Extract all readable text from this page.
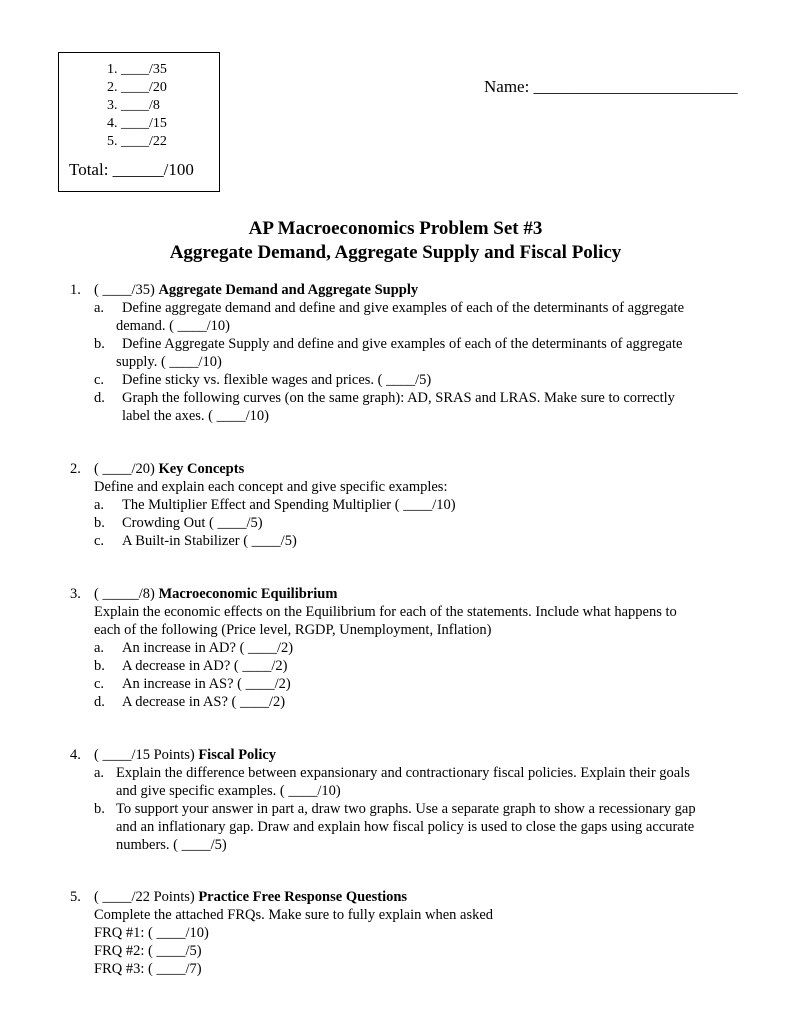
1. ____/35
2. ____/20
3. ____/8
4. ____/15
5. ____/22
Total: ______/100
Name: ________________________
AP Macroeconomics Problem Set #3
Aggregate Demand, Aggregate Supply and Fiscal Policy
1. ( ____/35) Aggregate Demand and Aggregate Supply
a. Define aggregate demand and define and give examples of each of the determinants of aggregate
demand. ( ____/10)
b. Define Aggregate Supply and define and give examples of each of the determinants of aggregate
supply. ( ____/10)
c. Define sticky vs. flexible wages and prices. ( ____/5)
d. Graph the following curves (on the same graph): AD, SRAS and LRAS. Make sure to correctly
label the axes. ( ____/10)
2. ( ____/20) Key Concepts
Define and explain each concept and give specific examples:
a. The Multiplier Effect and Spending Multiplier ( ____/10)
b. Crowding Out ( ____/5)
c. A Built-in Stabilizer ( ____/5)
3. ( _____/8) Macroeconomic Equilibrium
Explain the economic effects on the Equilibrium for each of the statements. Include what happens to
each of the following (Price level, RGDP, Unemployment, Inflation)
a. An increase in AD? ( ____/2)
b. A decrease in AD? ( ____/2)
c. An increase in AS? ( ____/2)
d. A decrease in AS? ( ____/2)
4. ( ____/15 Points) Fiscal Policy
a. Explain the difference between expansionary and contractionary fiscal policies. Explain their goals
and give specific examples. ( ____/10)
b. To support your answer in part a, draw two graphs. Use a separate graph to show a recessionary gap
and an inflationary gap. Draw and explain how fiscal policy is used to close the gaps using accurate
numbers. ( ____/5)
5. ( ____/22 Points) Practice Free Response Questions
Complete the attached FRQs. Make sure to fully explain when asked
FRQ #1: ( ____/10)
FRQ #2: ( ____/5)
FRQ #3: ( ____/7)
